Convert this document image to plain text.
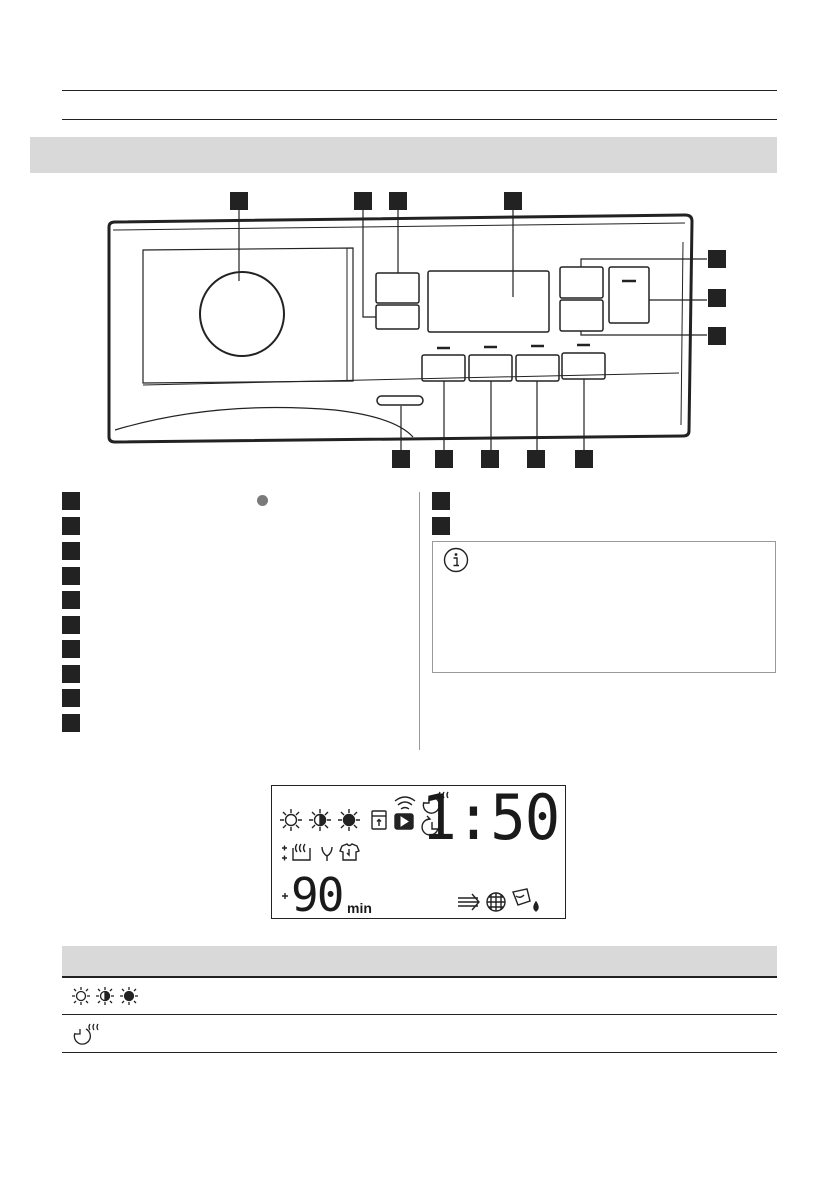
1:50
90 min
